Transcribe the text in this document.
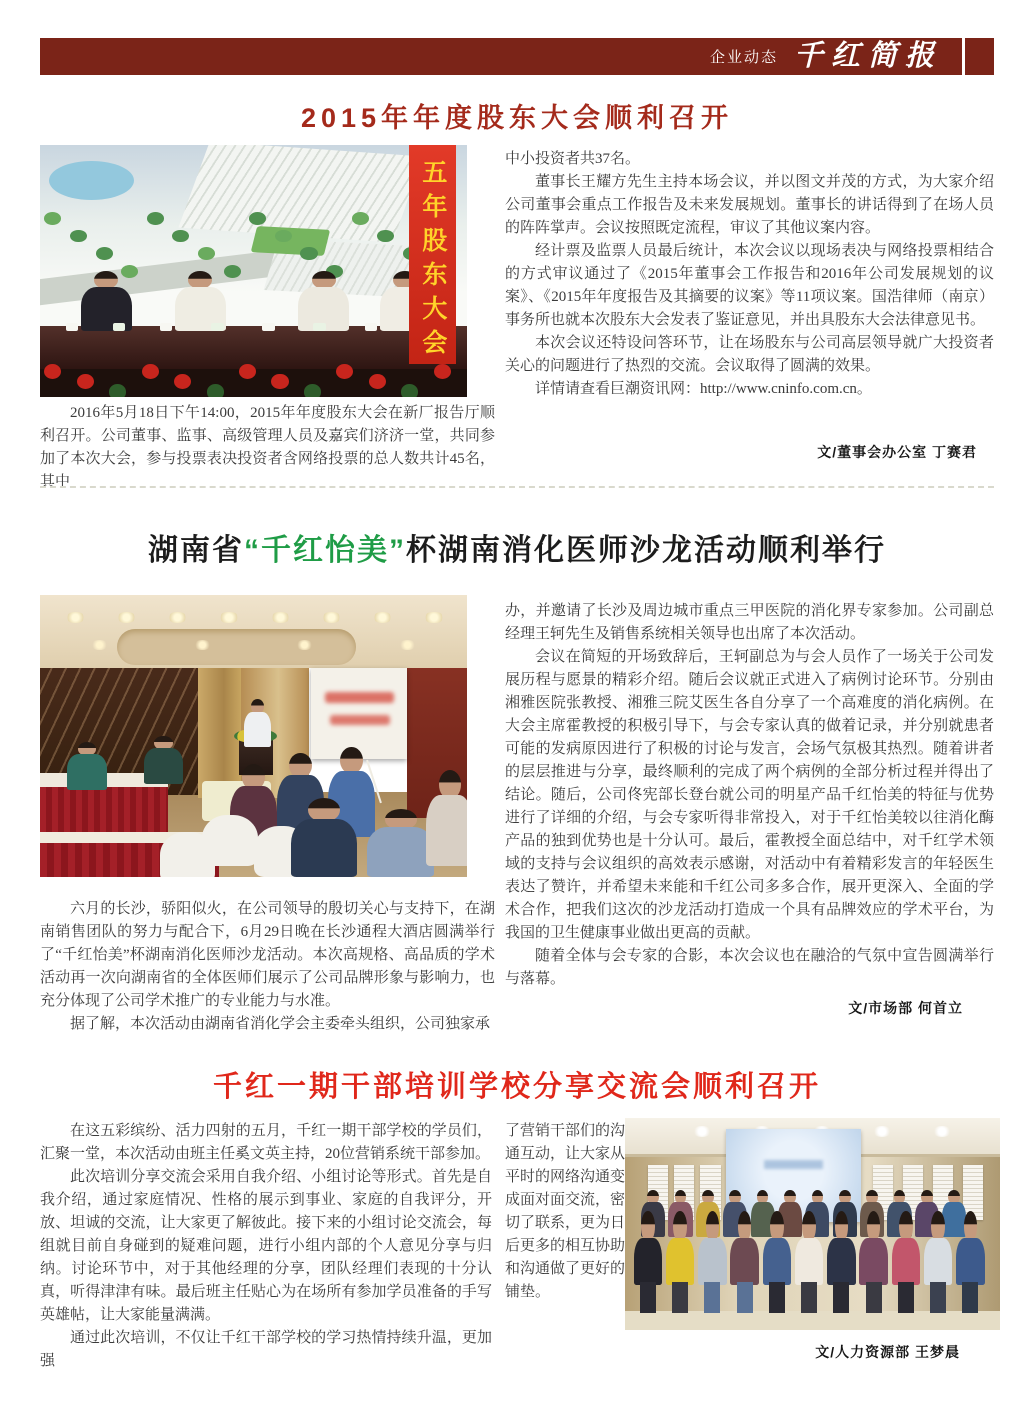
企业动态 千红简报
2015年年度股东大会顺利召开
五年股东大会

2016年5月18日下午14:00，2015年年度股东大会在新厂报告厅顺利召开。公司董事、监事、高级管理人员及嘉宾们济济一堂，共同参加了本次大会，参与投票表决投资者含网络投票的总人数共计45名，其中

中小投资者共37名。

董事长王耀方先生主持本场会议，并以图文并茂的方式，为大家介绍公司董事会重点工作报告及未来发展规划。董事长的讲话得到了在场人员的阵阵掌声。会议按照既定流程，审议了其他议案内容。

经计票及监票人员最后统计，本次会议以现场表决与网络投票相结合的方式审议通过了《2015年董事会工作报告和2016年公司发展规划的议案》、《2015年年度报告及其摘要的议案》等11项议案。国浩律师（南京）事务所也就本次股东大会发表了鉴证意见，并出具股东大会法律意见书。

本次会议还特设问答环节，让在场股东与公司高层领导就广大投资者关心的问题进行了热烈的交流。会议取得了圆满的效果。

详情请查看巨潮资讯网：http://www.cninfo.com.cn。

文/董事会办公室 丁赛君
湖南省“千红怡美”杯湖南消化医师沙龙活动顺利举行

六月的长沙，骄阳似火，在公司领导的殷切关心与支持下，在湖南销售团队的努力与配合下，6月29日晚在长沙通程大酒店圆满举行了“千红怡美”杯湖南消化医师沙龙活动。本次高规格、高品质的学术活动再一次向湖南省的全体医师们展示了公司品牌形象与影响力，也充分体现了公司学术推广的专业能力与水准。

据了解，本次活动由湖南省消化学会主委牵头组织，公司独家承

办，并邀请了长沙及周边城市重点三甲医院的消化界专家参加。公司副总经理王轲先生及销售系统相关领导也出席了本次活动。

会议在简短的开场致辞后，王轲副总为与会人员作了一场关于公司发展历程与愿景的精彩介绍。随后会议就正式进入了病例讨论环节。分别由湘雅医院张教授、湘雅三院艾医生各自分享了一个高难度的消化病例。在大会主席霍教授的积极引导下，与会专家认真的做着记录，并分别就患者可能的发病原因进行了积极的讨论与发言，会场气氛极其热烈。随着讲者的层层推进与分享，最终顺利的完成了两个病例的全部分析过程并得出了结论。随后，公司佟宪部长登台就公司的明星产品千红怡美的特征与优势进行了详细的介绍，与会专家听得非常投入，对于千红怡美较以往消化酶产品的独到优势也是十分认可。最后，霍教授全面总结中，对千红学术领域的支持与会议组织的高效表示感谢，对活动中有着精彩发言的年轻医生表达了赞许，并希望未来能和千红公司多多合作，展开更深入、全面的学术合作，把我们这次的沙龙活动打造成一个具有品牌效应的学术平台，为我国的卫生健康事业做出更高的贡献。

随着全体与会专家的合影，本次会议也在融洽的气氛中宣告圆满举行与落幕。

文/市场部 何首立
千红一期干部培训学校分享交流会顺利召开

在这五彩缤纷、活力四射的五月，千红一期干部学校的学员们，汇聚一堂，本次活动由班主任奚文英主持，20位营销系统干部参加。

此次培训分享交流会采用自我介绍、小组讨论等形式。首先是自我介绍，通过家庭情况、性格的展示到事业、家庭的自我评分，开放、坦诚的交流，让大家更了解彼此。接下来的小组讨论交流会，每组就目前自身碰到的疑难问题，进行小组内部的个人意见分享与归纳。讨论环节中，对于其他经理的分享，团队经理们表现的十分认真，听得津津有味。最后班主任贴心为在场所有参加学员准备的手写英雄帖，让大家能量满满。

通过此次培训，不仅让千红干部学校的学习热情持续升温，更加强

了营销干部们的沟通互动，让大家从平时的网络沟通变成面对面交流，密切了联系，更为日后更多的相互协助和沟通做了更好的铺垫。

文/人力资源部 王梦晨
